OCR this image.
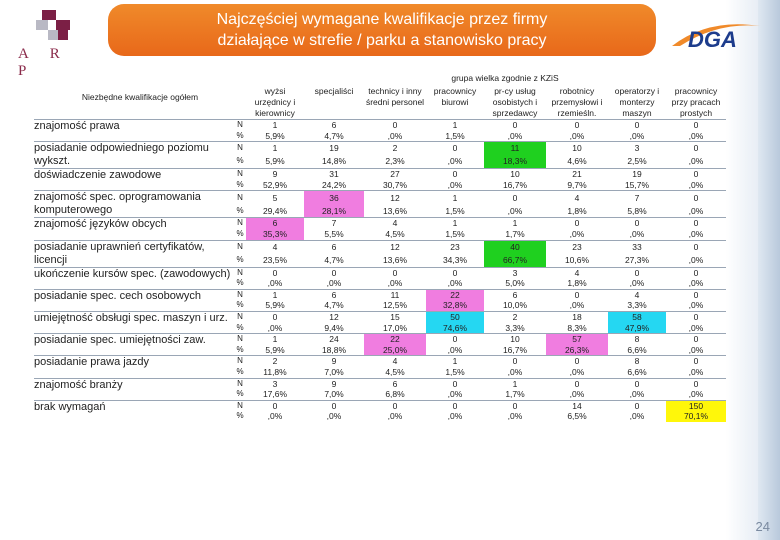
A R P
Najczęściej wymagane kwalifikacje przez firmy
działające w strefie / parku a stanowisko pracy	DGA
grupa wielka zgodnie z KZiS
Niezbędne kwalifikacje ogółem		wyżsi urzędnicy i kierownicy	specjaliści	technicy i inny średni personel	pracownicy biurowi	pr-cy usług osobistych i sprzedawcy	robotnicy przemysłowi i rzemieśln.	operatorzy i monterzy maszyn	pracownicy przy pracach prostych
znajomość prawa	N	1	6	0	1	0	0	0	0
	%	5,9%	4,7%	,0%	1,5%	,0%	,0%	,0%	,0%
posiadanie odpowiedniego poziomu wykszt.	N	1	19	2	0	11	10	3	0
	%	5,9%	14,8%	2,3%	,0%	18,3%	4,6%	2,5%	,0%
doświadczenie zawodowe	N	9	31	27	0	10	21	19	0
	%	52,9%	24,2%	30,7%	,0%	16,7%	9,7%	15,7%	,0%
znajomość spec. oprogramowania komputerowego	N	5	36	12	1	0	4	7	0
	%	29,4%	28,1%	13,6%	1,5%	,0%	1,8%	5,8%	,0%
znajomość języków obcych	N	6	7	4	1	1	0	0	0
	%	35,3%	5,5%	4,5%	1,5%	1,7%	,0%	,0%	,0%
posiadanie uprawnień certyfikatów, licencji	N	4	6	12	23	40	23	33	0
	%	23,5%	4,7%	13,6%	34,3%	66,7%	10,6%	27,3%	,0%
ukończenie kursów spec. (zawodowych)	N	0	0	0	0	3	4	0	0
	%	,0%	,0%	,0%	,0%	5,0%	1,8%	,0%	,0%
posiadanie spec. cech osobowych	N	1	6	11	22	6	0	4	0
	%	5,9%	4,7%	12,5%	32,8%	10,0%	,0%	3,3%	,0%
umiejętność obsługi spec. maszyn i urz.	N	0	12	15	50	2	18	58	0
	%	,0%	9,4%	17,0%	74,6%	3,3%	8,3%	47,9%	,0%
posiadanie spec. umiejętności zaw.	N	1	24	22	0	10	57	8	0
	%	5,9%	18,8%	25,0%	,0%	16,7%	26,3%	6,6%	,0%
posiadanie prawa jazdy	N	2	9	4	1	0	0	8	0
	%	11,8%	7,0%	4,5%	1,5%	,0%	,0%	6,6%	,0%
znajomość branży	N	3	9	6	0	1	0	0	0
	%	17,6%	7,0%	6,8%	,0%	1,7%	,0%	,0%	,0%
brak wymagań	N	0	0	0	0	0	14	0	150
	%	,0%	,0%	,0%	,0%	,0%	6,5%	,0%	70,1%
24
